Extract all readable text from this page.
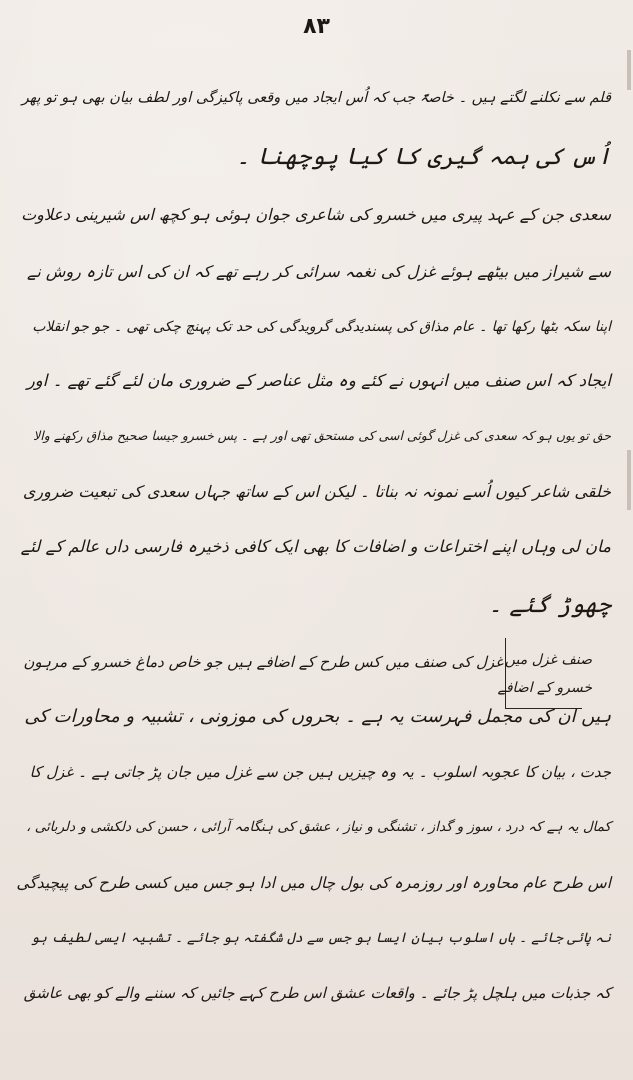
۸۳
قلم سے نکلنے لگتے ہیں ۔ خاصۃً جب کہ اُس ایجاد میں وقعی پاکیزگی اور لطف بیان بھی ہو تو پھر
اُس کی ہمہ گیری کا کیا پوچھنا ۔
سعدی جن کے عہد پیری میں خسرو کی شاعری جوان ہوئی ہو کچھ اس شیرینی دعلاوت
سے شیراز میں بیٹھے ہوئے غزل کی نغمہ سرائی کر رہے تھے کہ ان کی اس تازہ روش نے
اپنا سکہ بٹھا رکھا تھا ۔ عام مذاق کی پسندیدگی گرویدگی کی حد تک پہنچ چکی تھی ۔ جو جو انقلاب
ایجاد کہ اس صنف میں انہوں نے کئے وہ مثل عناصر کے ضروری مان لئے گئے تھے ۔ اور
حق تو یوں ہو کہ سعدی کی غزل گوئی اسی کی مستحق تھی اور ہے ۔ پس خسرو جیسا صحیح مذاق رکھنے والا
خلقی شاعر کیوں اُسے نمونہ نہ بناتا ۔ لیکن اس کے ساتھ جہاں سعدی کی تبعیت ضروری
مان لی وہاں اپنے اختراعات و اضافات کا بھی ایک کافی ذخیرہ فارسی داں عالم کے لئے
چھوڑ گئے ۔
غزل کی صنف میں کس طرح کے اضافے ہیں جو خاص دماغ خسرو کے مرہون
ہیں ان کی مجمل فہرست یہ ہے ۔ بحروں کی موزونی ، تشبیہ و محاورات کی
جدت ، بیان کا عجوبہ اسلوب ۔ یہ وہ چیزیں ہیں جن سے غزل میں جان پڑ جاتی ہے ۔ غزل کا
کمال یہ ہے کہ درد ، سوز و گداز ، تشنگی و نیاز ، عشق کی ہنگامہ آرائی ، حسن کی دلکشی و دلربائی ،
اس طرح عام محاورہ اور روزمرہ کی بول چال میں ادا ہو جس میں کسی طرح کی پیچیدگی
نہ پائی جائے ۔ ہاں اسلوب بیان ایسا ہو جس سے دل شگفتہ ہو جائے ۔ تشبیہ ایسی لطیف ہو
کہ جذبات میں ہلچل پڑ جائے ۔ واقعات عشق اس طرح کہے جائیں کہ سننے والے کو بھی عاشق
صنف غزل میں
خسرو کے اضافے
